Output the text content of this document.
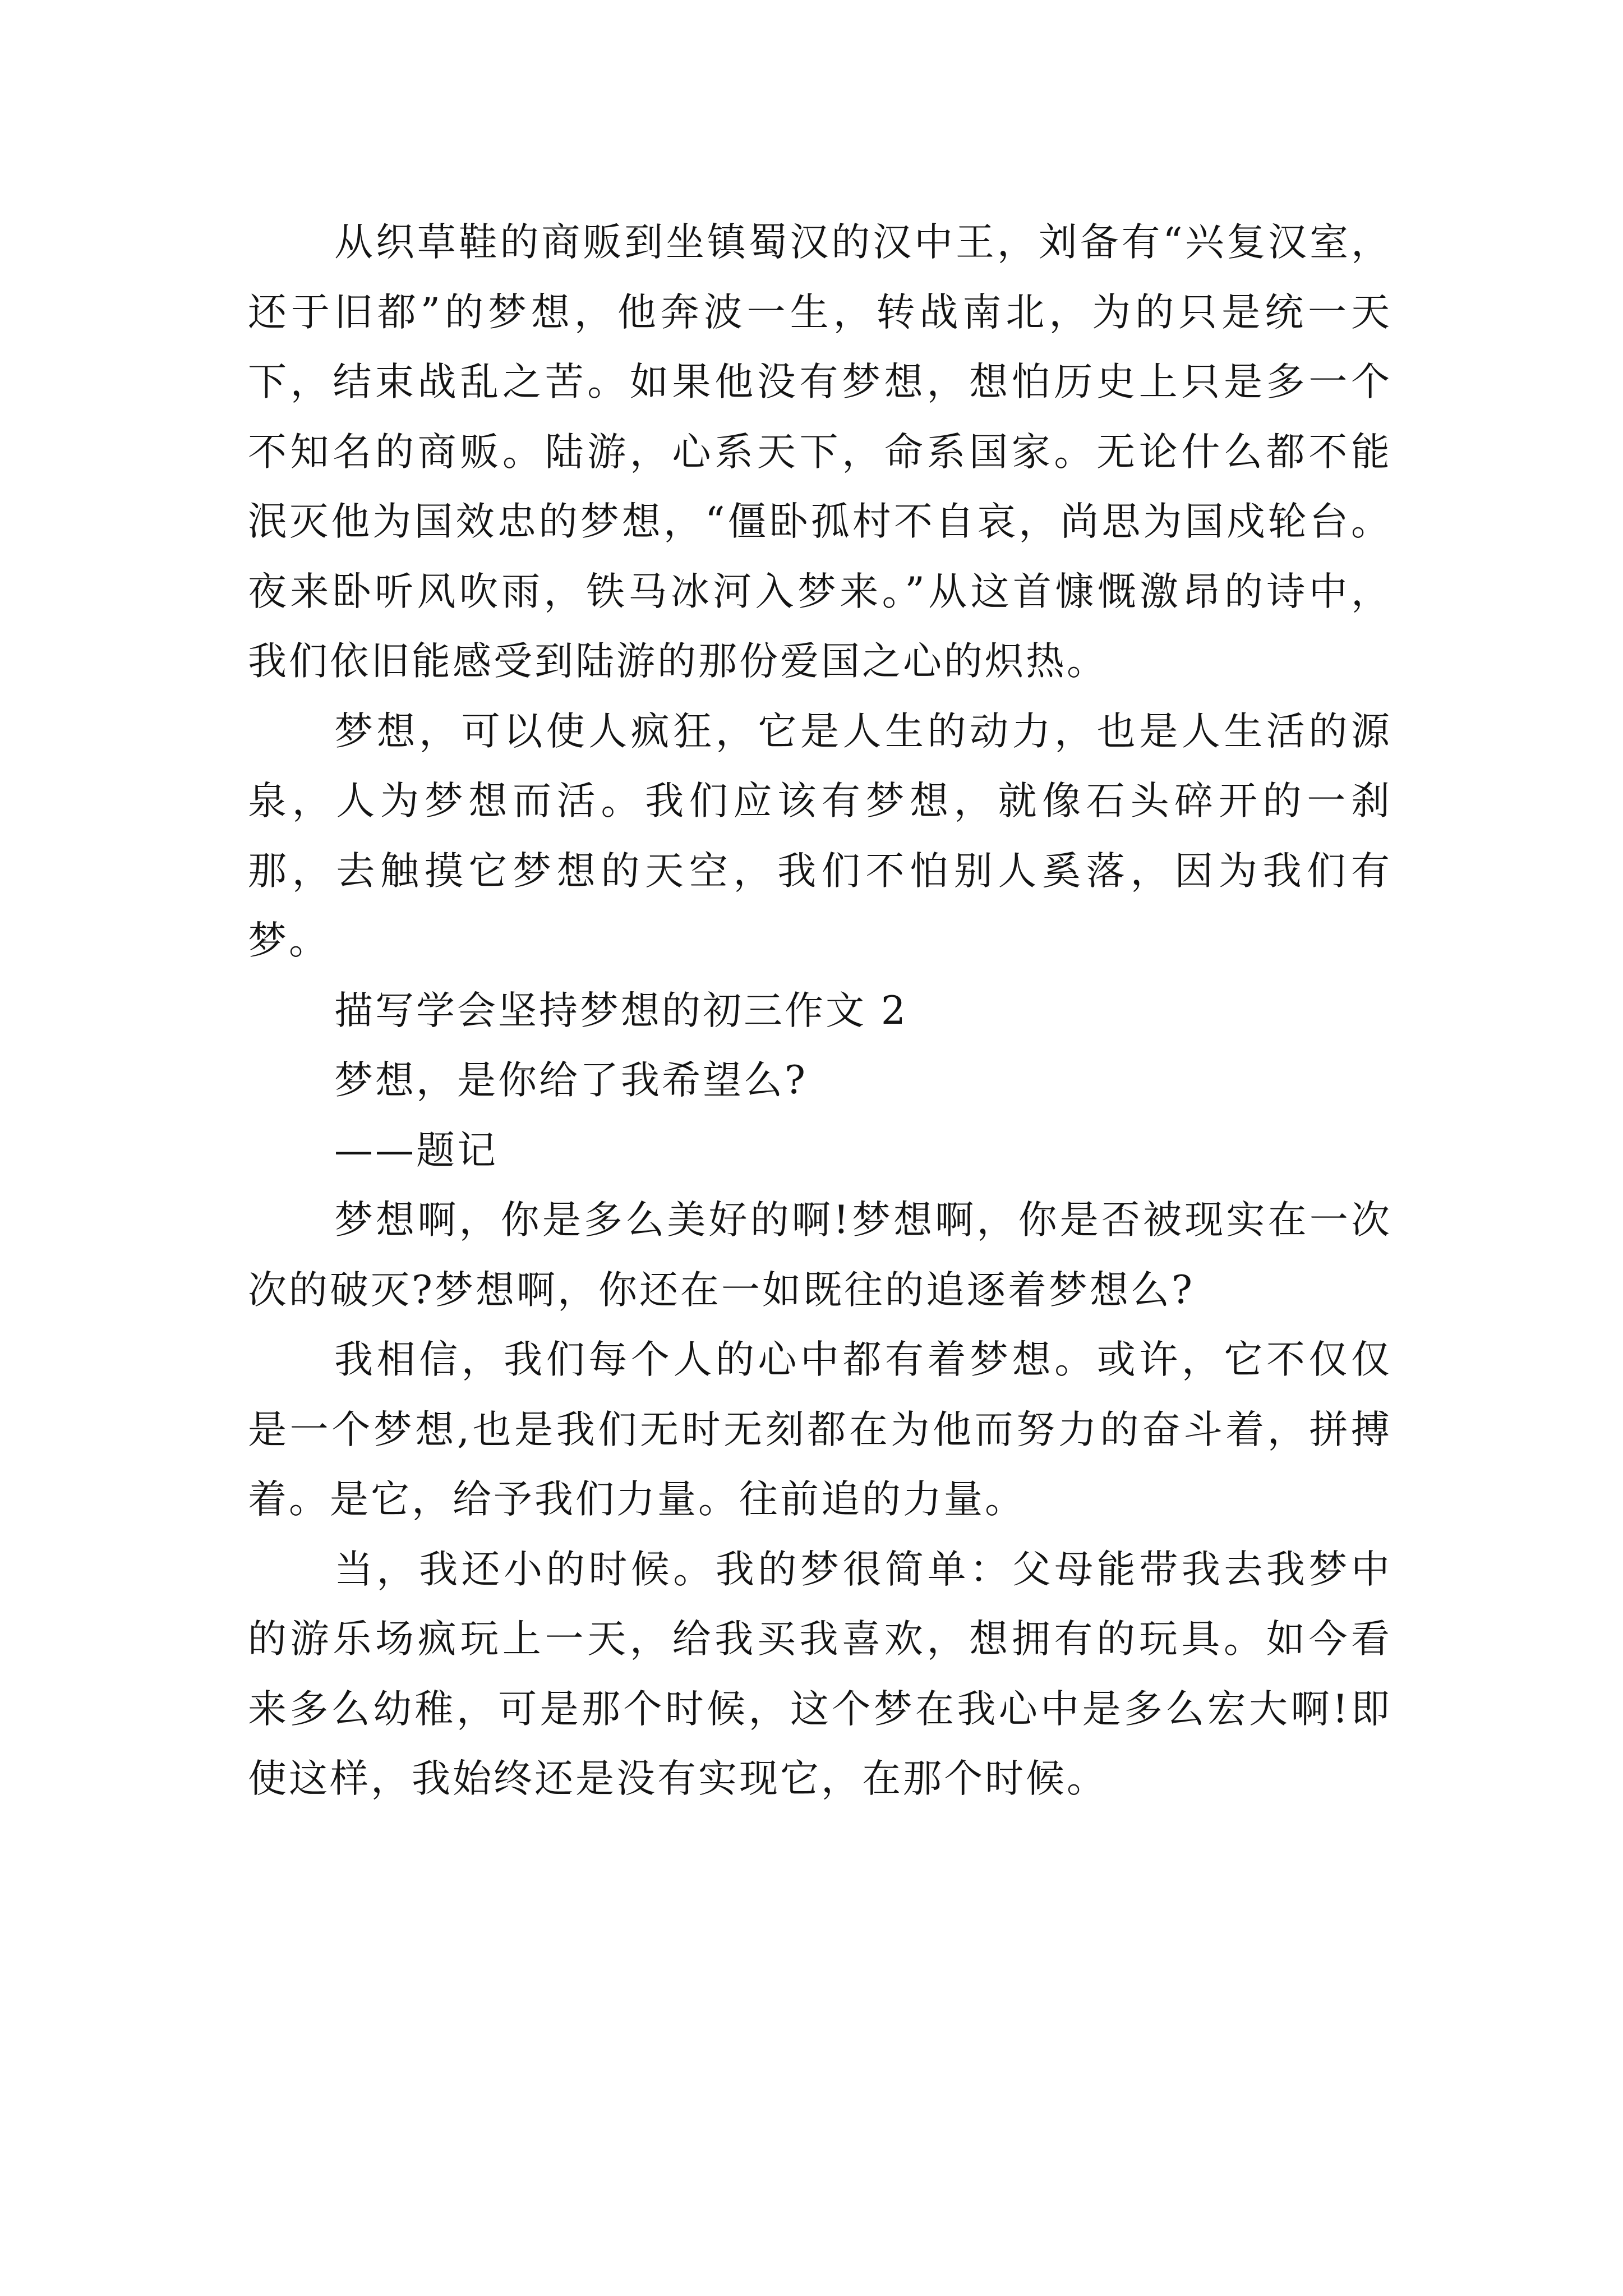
从织草鞋的商贩到坐镇蜀汉的汉中王，刘备有“兴复汉室，还于旧都”的梦想，他奔波一生，转战南北，为的只是统一天下，结束战乱之苦。如果他没有梦想，想怕历史上只是多一个不知名的商贩。陆游，心系天下，命系国家。无论什么都不能泯灭他为国效忠的梦想，“僵卧孤村不自哀，尚思为国戍轮台。夜来卧听风吹雨，铁马冰河入梦来。”从这首慷慨激昂的诗中，我们依旧能感受到陆游的那份爱国之心的炽热。

梦想，可以使人疯狂，它是人生的动力，也是人生活的源泉，人为梦想而活。我们应该有梦想，就像石头碎开的一刹那，去触摸它梦想的天空，我们不怕别人奚落，因为我们有梦。

描写学会坚持梦想的初三作文 2

梦想，是你给了我希望么?

——题记

梦想啊，你是多么美好的啊!梦想啊，你是否被现实在一次次的破灭?梦想啊，你还在一如既往的追逐着梦想么?

我相信，我们每个人的心中都有着梦想。或许，它不仅仅是一个梦想,也是我们无时无刻都在为他而努力的奋斗着，拼搏着。是它，给予我们力量。往前追的力量。

当，我还小的时候。我的梦很简单：父母能带我去我梦中的游乐场疯玩上一天，给我买我喜欢，想拥有的玩具。如今看来多么幼稚，可是那个时候，这个梦在我心中是多么宏大啊!即使这样，我始终还是没有实现它，在那个时候。
